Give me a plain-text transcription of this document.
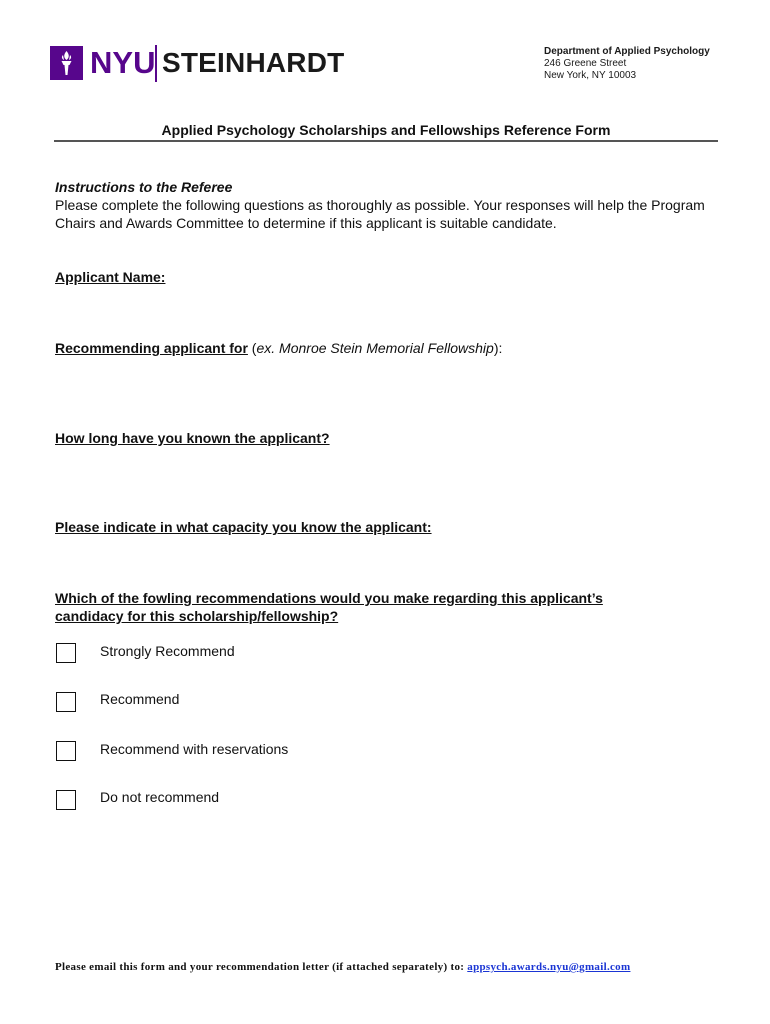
NYU STEINHARDT	Department of Applied Psychology
246 Greene Street
New York, NY 10003
Applied Psychology Scholarships and Fellowships Reference Form
Instructions to the Referee
Please complete the following questions as thoroughly as possible. Your responses will help the Program Chairs and Awards Committee to determine if this applicant is suitable candidate.
Applicant Name:
Recommending applicant for (ex. Monroe Stein Memorial Fellowship):
How long have you known the applicant?
Please indicate in what capacity you know the applicant:
Which of the fowling recommendations would you make regarding this applicant’s
candidacy for this scholarship/fellowship?
Strongly Recommend
Recommend
Recommend with reservations
Do not recommend
Please email this form and your recommendation letter (if attached separately) to: appsych.awards.nyu@gmail.com
